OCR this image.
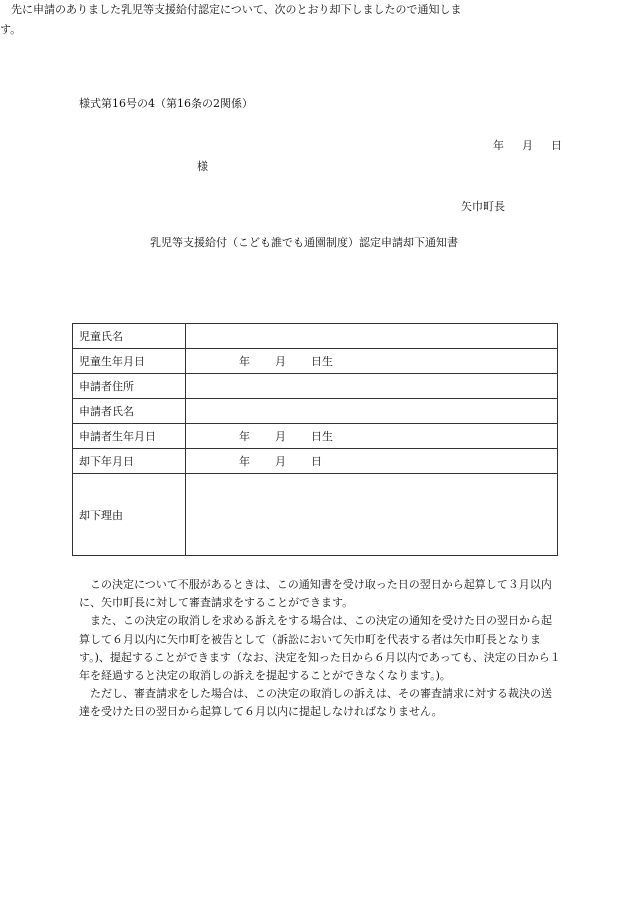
様式第16号の4（第16条の2関係）
年 月 日
様
矢巾町長
乳児等支援給付（こども誰でも通園制度）認定申請却下通知書
先に申請のありました乳児等支援給付認定について、次のとおり却下しましたので通知します。
児童氏名	
児童生年月日	年 月 日生
申請者住所	
申請者氏名	
申請者生年月日	年 月 日生
却下年月日	年 月 日
却下理由	

この決定について不服があるときは、この通知書を受け取った日の翌日から起算して３月以内に、矢巾町長に対して審査請求をすることができます。

また、この決定の取消しを求める訴えをする場合は、この決定の通知を受けた日の翌日から起算して６月以内に矢巾町を被告として（訴訟において矢巾町を代表する者は矢巾町長となります。)、提起することができます（なお、決定を知った日から６月以内であっても、決定の日から１年を経過すると決定の取消しの訴えを提起することができなくなります。)。

ただし、審査請求をした場合は、この決定の取消しの訴えは、その審査請求に対する裁決の送達を受けた日の翌日から起算して６月以内に提起しなければなりません。
